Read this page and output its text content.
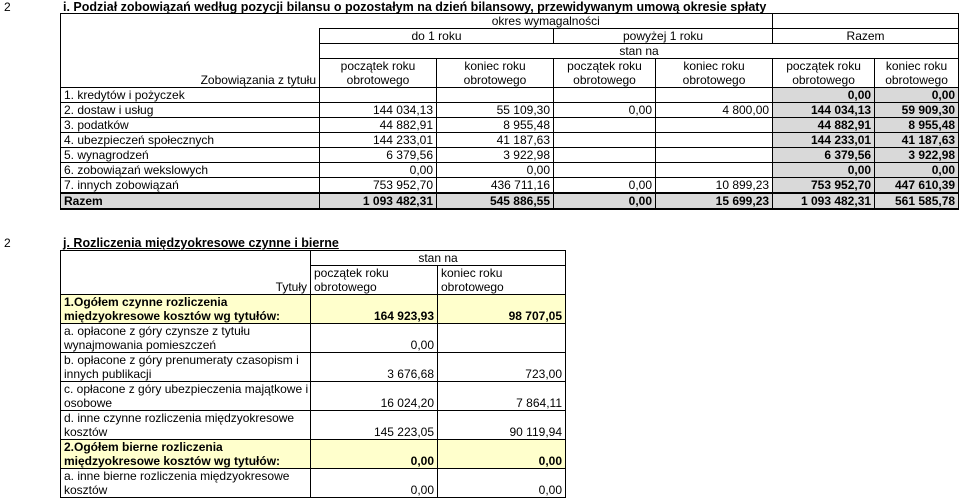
2	i. Podział zobowiązań według pozycji bilansu o pozostałym na dzień bilansowy, przewidywanym umową okresie spłaty
	okres wymagalności					
	do 1 roku		powyżej 1 roku		Razem	
	stan na					
	początek roku	koniec roku	początek roku	koniec roku	początek roku	koniec roku
Zobowiązania z tytułu	obrotowego	obrotowego	obrotowego	obrotowego	obrotowego	obrotowego
1. kredytów i pożyczek					0,00	0,00
2. dostaw i usług	144 034,13	55 109,30	0,00	4 800,00	144 034,13	59 909,30
3. podatków	44 882,91	8 955,48			44 882,91	8 955,48
4. ubezpieczeń społecznych	144 233,01	41 187,63			144 233,01	41 187,63
5. wynagrodzeń	6 379,56	3 922,98			6 379,56	3 922,98
6. zobowiązań wekslowych	0,00	0,00			0,00	0,00
7. innych zobowiązań	753 952,70	436 711,16	0,00	10 899,23	753 952,70	447 610,39
Razem	1 093 482,31	545 886,55	0,00	15 699,23	1 093 482,31	561 585,78
2	j. Rozliczenia międzyokresowe czynne i bierne
	stan na	
	początek roku	koniec roku
Tytuły	obrotowego	obrotowego
1.Ogółem czynne rozliczenia		
międzyokresowe kosztów wg tytułów:	164 923,93	98 707,05
a. opłacone z góry czynsze z tytułu		
wynajmowania pomieszczeń	0,00	
b. opłacone z góry prenumeraty czasopism i		
innych publikacji	3 676,68	723,00
c. opłacone z góry ubezpieczenia majątkowe i		
osobowe	16 024,20	7 864,11
d. inne czynne rozliczenia międzyokresowe		
kosztów	145 223,05	90 119,94
2.Ogółem bierne rozliczenia		
międzyokresowe kosztów wg tytułów:	0,00	0,00
a. inne bierne rozliczenia międzyokresowe		
kosztów	0,00	0,00
